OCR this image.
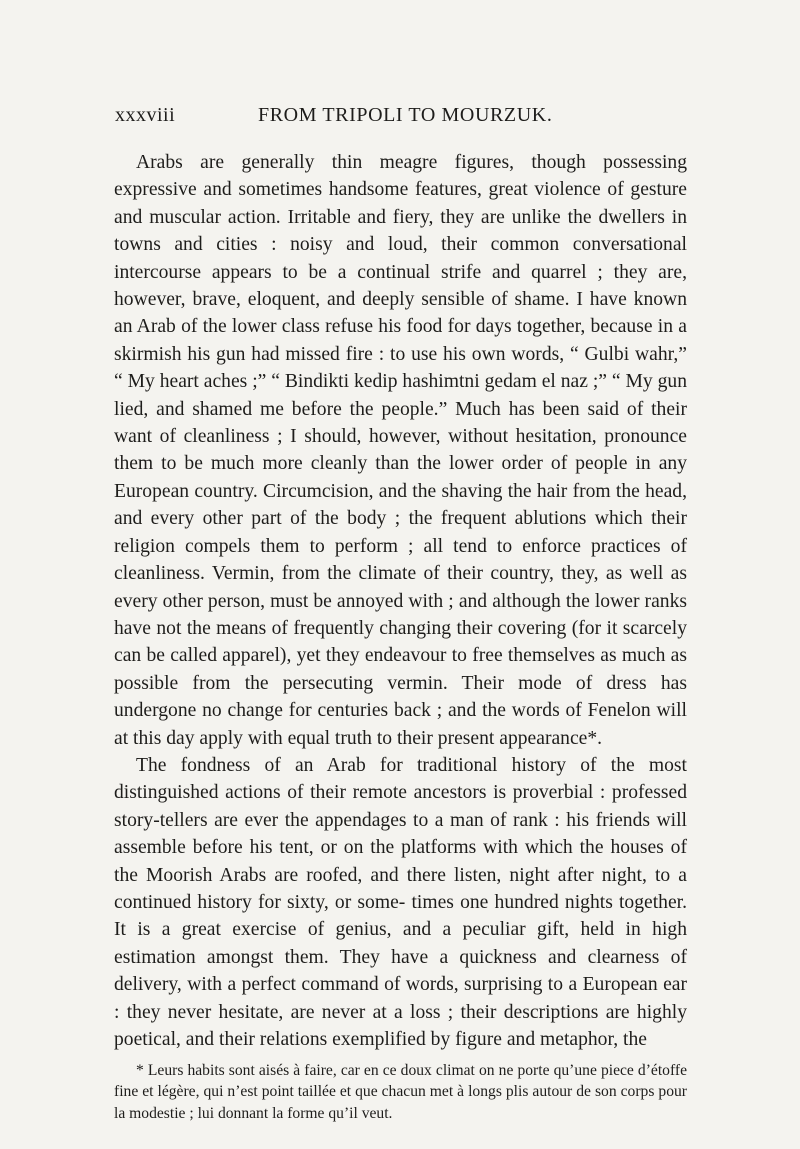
xxxviii	FROM TRIPOLI TO MOURZUK.

Arabs are generally thin meagre figures, though possessing expressive and sometimes handsome features, great violence of gesture and muscular action. Irritable and fiery, they are unlike the dwellers in towns and cities : noisy and loud, their common conversational intercourse appears to be a continual strife and quarrel ; they are, however, brave, eloquent, and deeply sensible of shame. I have known an Arab of the lower class refuse his food for days together, because in a skirmish his gun had missed fire : to use his own words, “ Gulbi wahr,” “ My heart aches ;” “ Bindikti kedip hashimtni gedam el naz ;” “ My gun lied, and shamed me before the people.” Much has been said of their want of cleanliness ; I should, however, without hesitation, pronounce them to be much more cleanly than the lower order of people in any European country. Circumcision, and the shaving the hair from the head, and every other part of the body ; the frequent ablutions which their religion compels them to perform ; all tend to enforce practices of cleanliness. Vermin, from the climate of their country, they, as well as every other person, must be annoyed with ; and although the lower ranks have not the means of frequently changing their covering (for it scarcely can be called apparel), yet they endeavour to free themselves as much as possible from the persecuting vermin. Their mode of dress has undergone no change for centuries back ; and the words of Fenelon will at this day apply with equal truth to their present appearance*.

The fondness of an Arab for traditional history of the most distinguished actions of their remote ancestors is proverbial : professed story-tellers are ever the appendages to a man of rank : his friends will assemble before his tent, or on the platforms with which the houses of the Moorish Arabs are roofed, and there listen, night after night, to a continued history for sixty, or some- times one hundred nights together. It is a great exercise of genius, and a peculiar gift, held in high estimation amongst them. They have a quickness and clearness of delivery, with a perfect command of words, surprising to a European ear : they never hesitate, are never at a loss ; their descriptions are highly poetical, and their relations exemplified by figure and metaphor, the

* Leurs habits sont aisés à faire, car en ce doux climat on ne porte qu’une piece d’étoffe fine et légère, qui n’est point taillée et que chacun met à longs plis autour de son corps pour la modestie ; lui donnant la forme qu’il veut.
